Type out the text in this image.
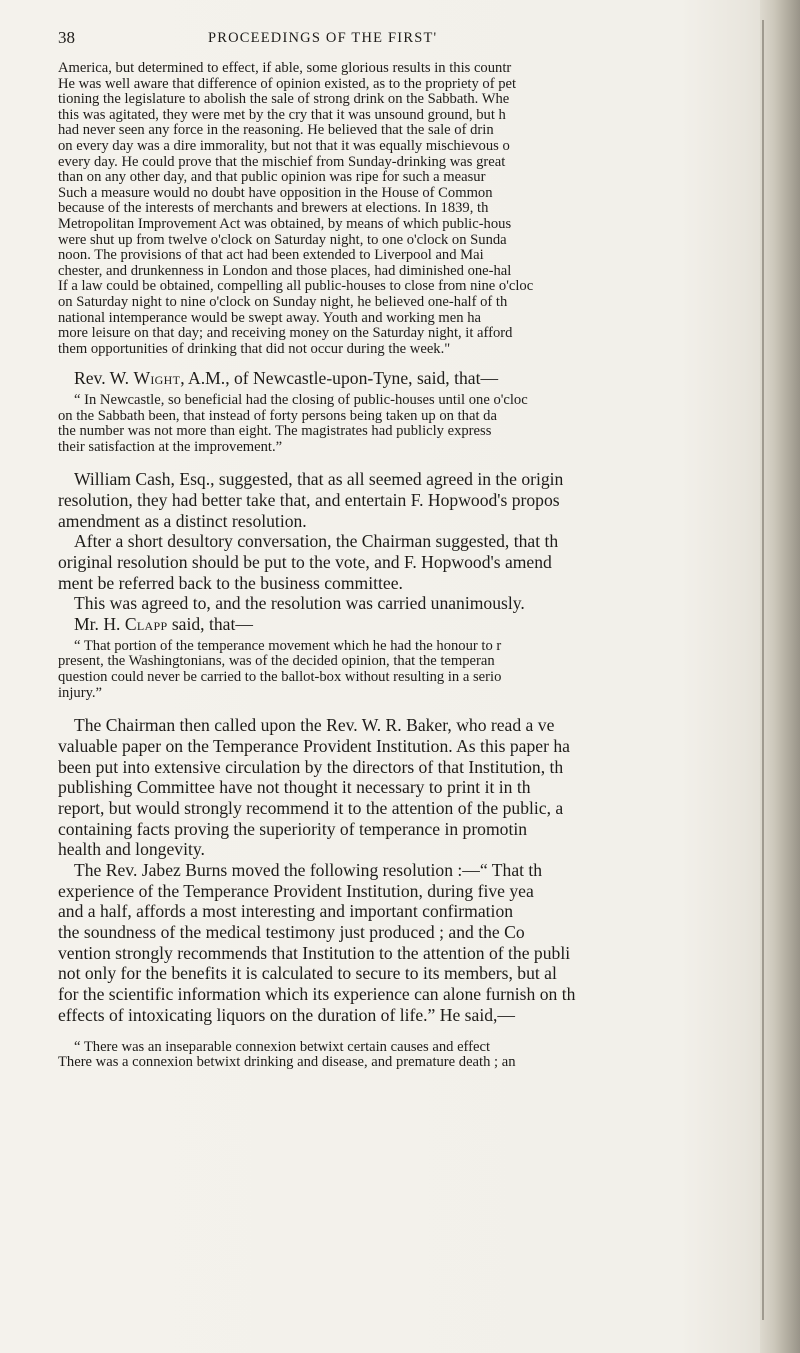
38	PROCEEDINGS OF THE FIRST'
America, but determined to effect, if able, some glorious results in this countr
He was well aware that difference of opinion existed, as to the propriety of pet
tioning the legislature to abolish the sale of strong drink on the Sabbath. Whe
this was agitated, they were met by the cry that it was unsound ground, but h
had never seen any force in the reasoning. He believed that the sale of drin
on every day was a dire immorality, but not that it was equally mischievous o
every day. He could prove that the mischief from Sunday-drinking was great
than on any other day, and that public opinion was ripe for such a measur
Such a measure would no doubt have opposition in the House of Common
because of the interests of merchants and brewers at elections. In 1839, th
Metropolitan Improvement Act was obtained, by means of which public-hous
were shut up from twelve o'clock on Saturday night, to one o'clock on Sunda
noon. The provisions of that act had been extended to Liverpool and Mai
chester, and drunkenness in London and those places, had diminished one-hal
If a law could be obtained, compelling all public-houses to close from nine o'cloc
on Saturday night to nine o'clock on Sunday night, he believed one-half of th
national intemperance would be swept away. Youth and working men ha
more leisure on that day; and receiving money on the Saturday night, it afford
them opportunities of drinking that did not occur during the week."
Rev. W. Wight, A.M., of Newcastle-upon-Tyne, said, that—
“ In Newcastle, so beneficial had the closing of public-houses until one o'cloc
on the Sabbath been, that instead of forty persons being taken up on that da
the number was not more than eight. The magistrates had publicly express
their satisfaction at the improvement.”
William Cash, Esq., suggested, that as all seemed agreed in the origin
resolution, they had better take that, and entertain F. Hopwood's propos
amendment as a distinct resolution.
After a short desultory conversation, the Chairman suggested, that th
original resolution should be put to the vote, and F. Hopwood's amend
ment be referred back to the business committee.
This was agreed to, and the resolution was carried unanimously.
Mr. H. Clapp said, that—
“ That portion of the temperance movement which he had the honour to r
present, the Washingtonians, was of the decided opinion, that the temperan
question could never be carried to the ballot-box without resulting in a serio
injury.”
The Chairman then called upon the Rev. W. R. Baker, who read a ve
valuable paper on the Temperance Provident Institution. As this paper ha
been put into extensive circulation by the directors of that Institution, th
publishing Committee have not thought it necessary to print it in th
report, but would strongly recommend it to the attention of the public, a
containing facts proving the superiority of temperance in promotin
health and longevity.
The Rev. Jabez Burns moved the following resolution :—“ That th
experience of the Temperance Provident Institution, during five yea
and a half, affords a most interesting and important confirmation
the soundness of the medical testimony just produced ; and the Co
vention strongly recommends that Institution to the attention of the publi
not only for the benefits it is calculated to secure to its members, but al
for the scientific information which its experience can alone furnish on th
effects of intoxicating liquors on the duration of life.” He said,—
“ There was an inseparable connexion betwixt certain causes and effect
There was a connexion betwixt drinking and disease, and premature death ; an
